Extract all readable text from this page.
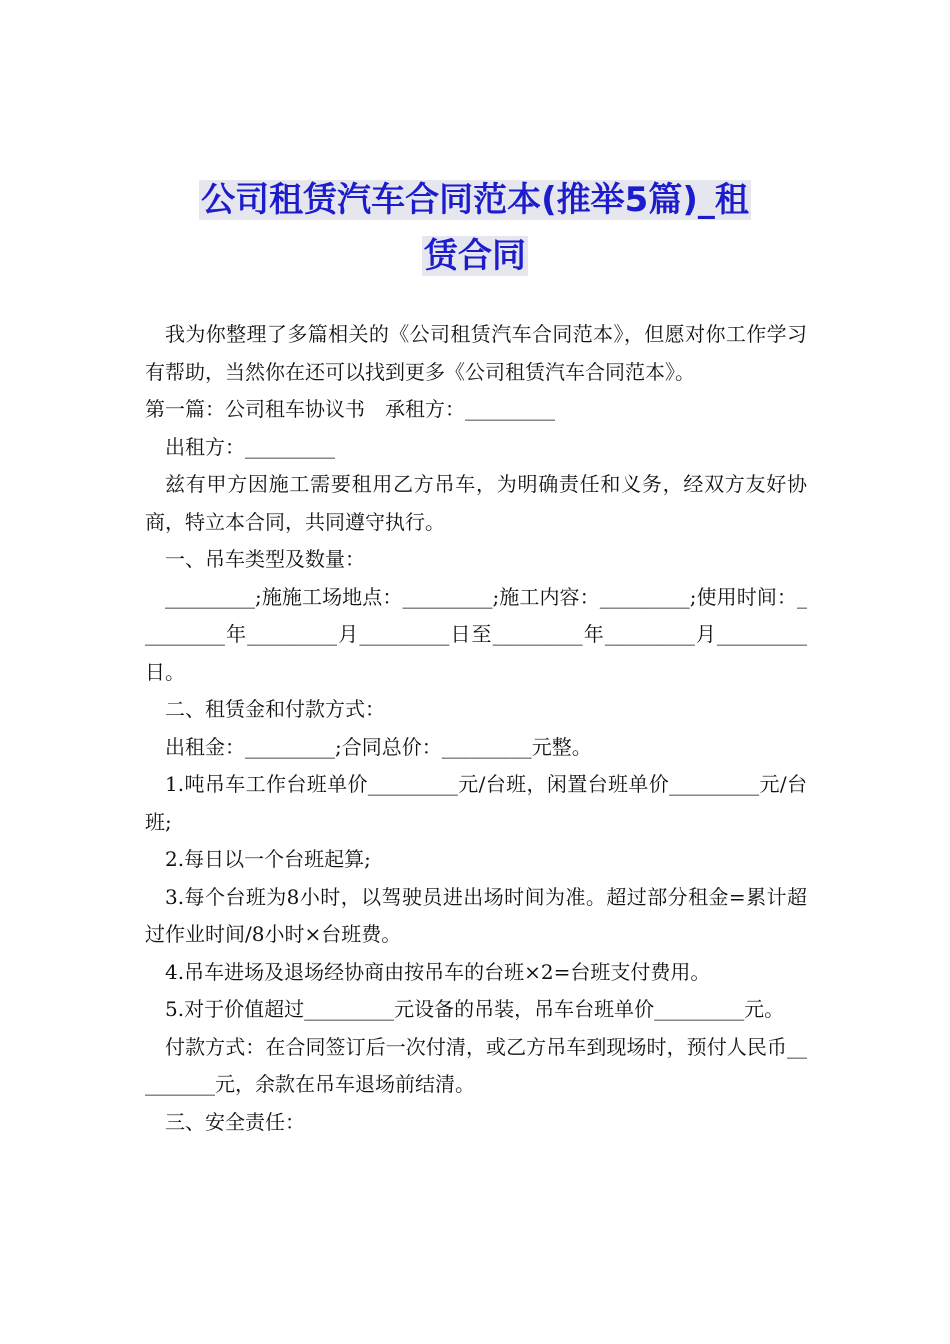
公司租赁汽车合同范本(推举5篇)_租
赁合同

我为你整理了多篇相关的《公司租赁汽车合同范本》，但愿对你工作学习有帮助，当然你在还可以找到更多《公司租赁汽车合同范本》。

第一篇：公司租车协议书　承租方：_________

出租方：_________

兹有甲方因施工需要租用乙方吊车，为明确责任和义务，经双方友好协商，特立本合同，共同遵守执行。

一、吊车类型及数量：

_________;施施工场地点：_________;施工内容：_________;使用时间：_________年_________月_________日至_________年_________月_________日。

二、租赁金和付款方式：

出租金：_________;合同总价：_________元整。

1.吨吊车工作台班单价_________元/台班，闲置台班单价_________元/台班;

2.每日以一个台班起算;

3.每个台班为8小时，以驾驶员进出场时间为准。超过部分租金=累计超过作业时间/8小时×台班费。

4.吊车进场及退场经协商由按吊车的台班×2=台班支付费用。

5.对于价值超过_________元设备的吊装，吊车台班单价_________元。

付款方式：在合同签订后一次付清，或乙方吊车到现场时，预付人民币_________元，余款在吊车退场前结清。

三、安全责任：
